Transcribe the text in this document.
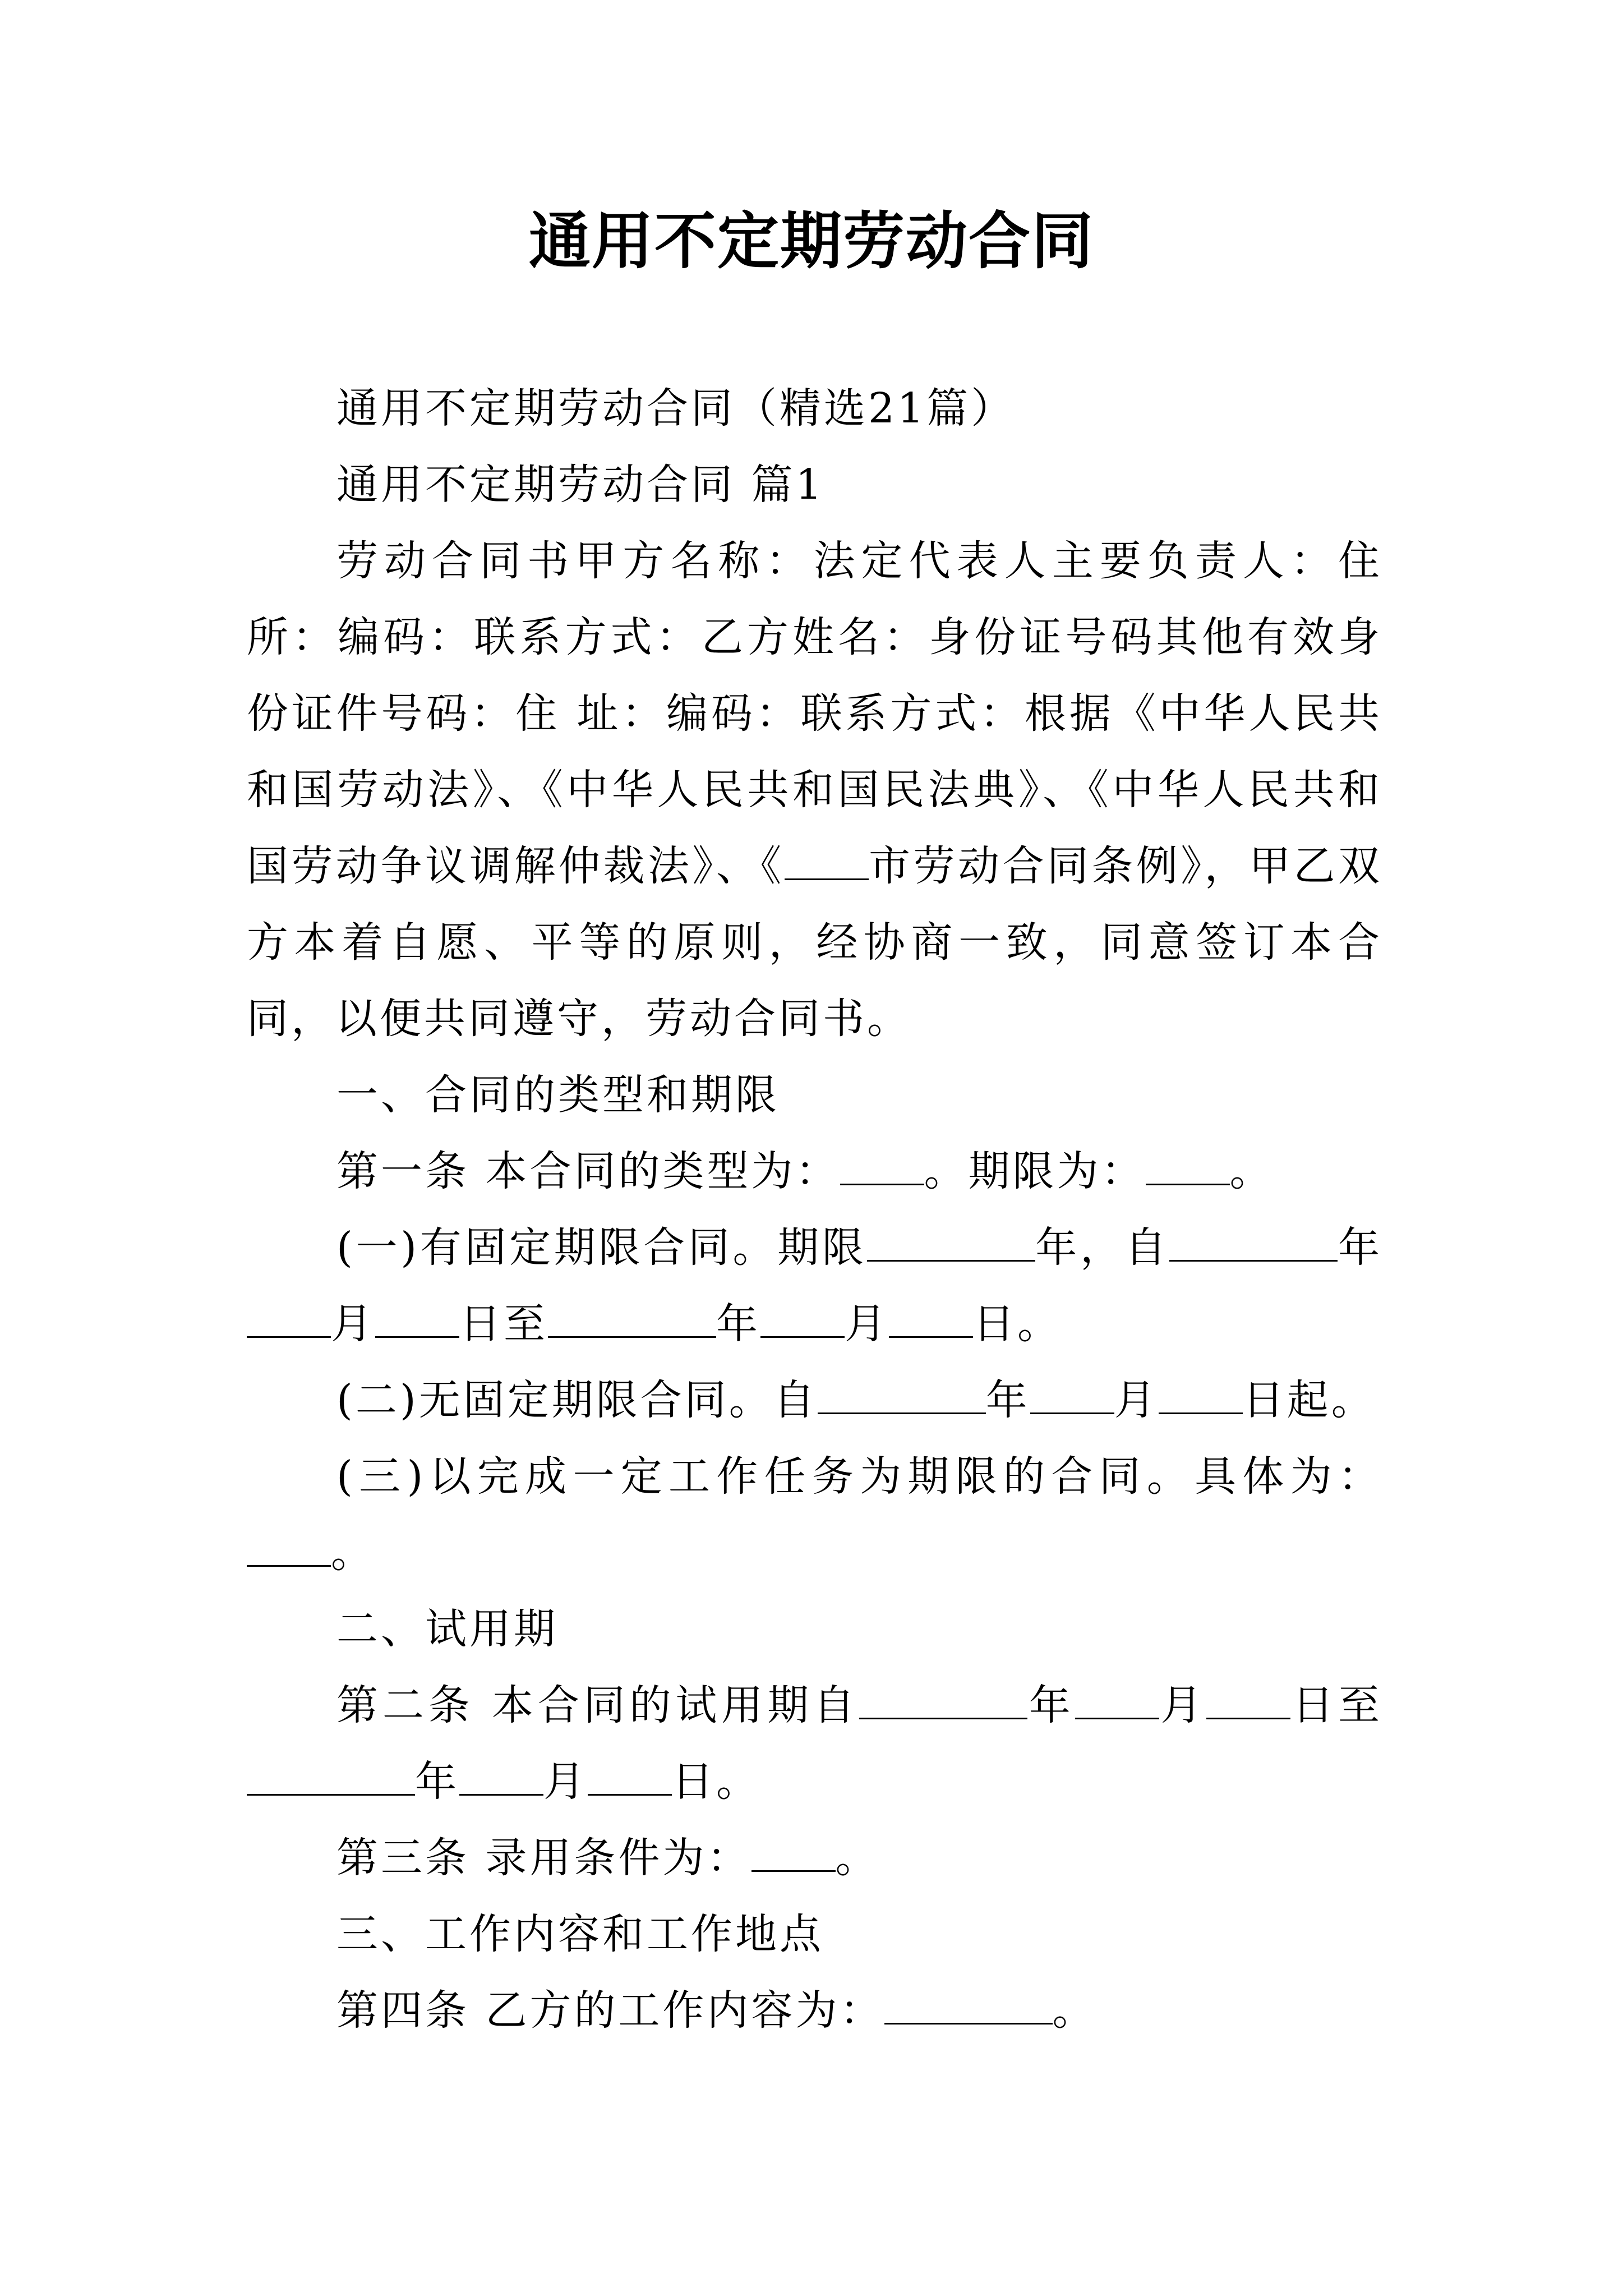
通用不定期劳动合同

通用不定期劳动合同（精选21篇）

通用不定期劳动合同 篇1

劳动合同书甲方名称：法定代表人主要负责人：住 所：编码：联系方式：乙方姓名：身份证号码其他有效身份证件号码：住 址：编码：联系方式：根据《中华人民共和国劳动法》、《中华人民共和国民法典》、《中华人民共和国劳动争议调解仲裁法》、《 市劳动合同条例》，甲乙双方本着自愿、平等的原则，经协商一致，同意签订本合同，以便共同遵守，劳动合同书。

一、合同的类型和期限

第一条 本合同的类型为： 。期限为： 。

(一)有固定期限合同。期限	年，自	年月 日至	年 月 日。

(二)无固定期限合同。自	年 月 日起。

(三)以完成一定工作任务为期限的合同。具体为：。

二、试用期

第二条 本合同的试用期自	年 月 日至年 月 日。

第三条 录用条件为： 。

三、工作内容和工作地点

第四条 乙方的工作内容为：	。
